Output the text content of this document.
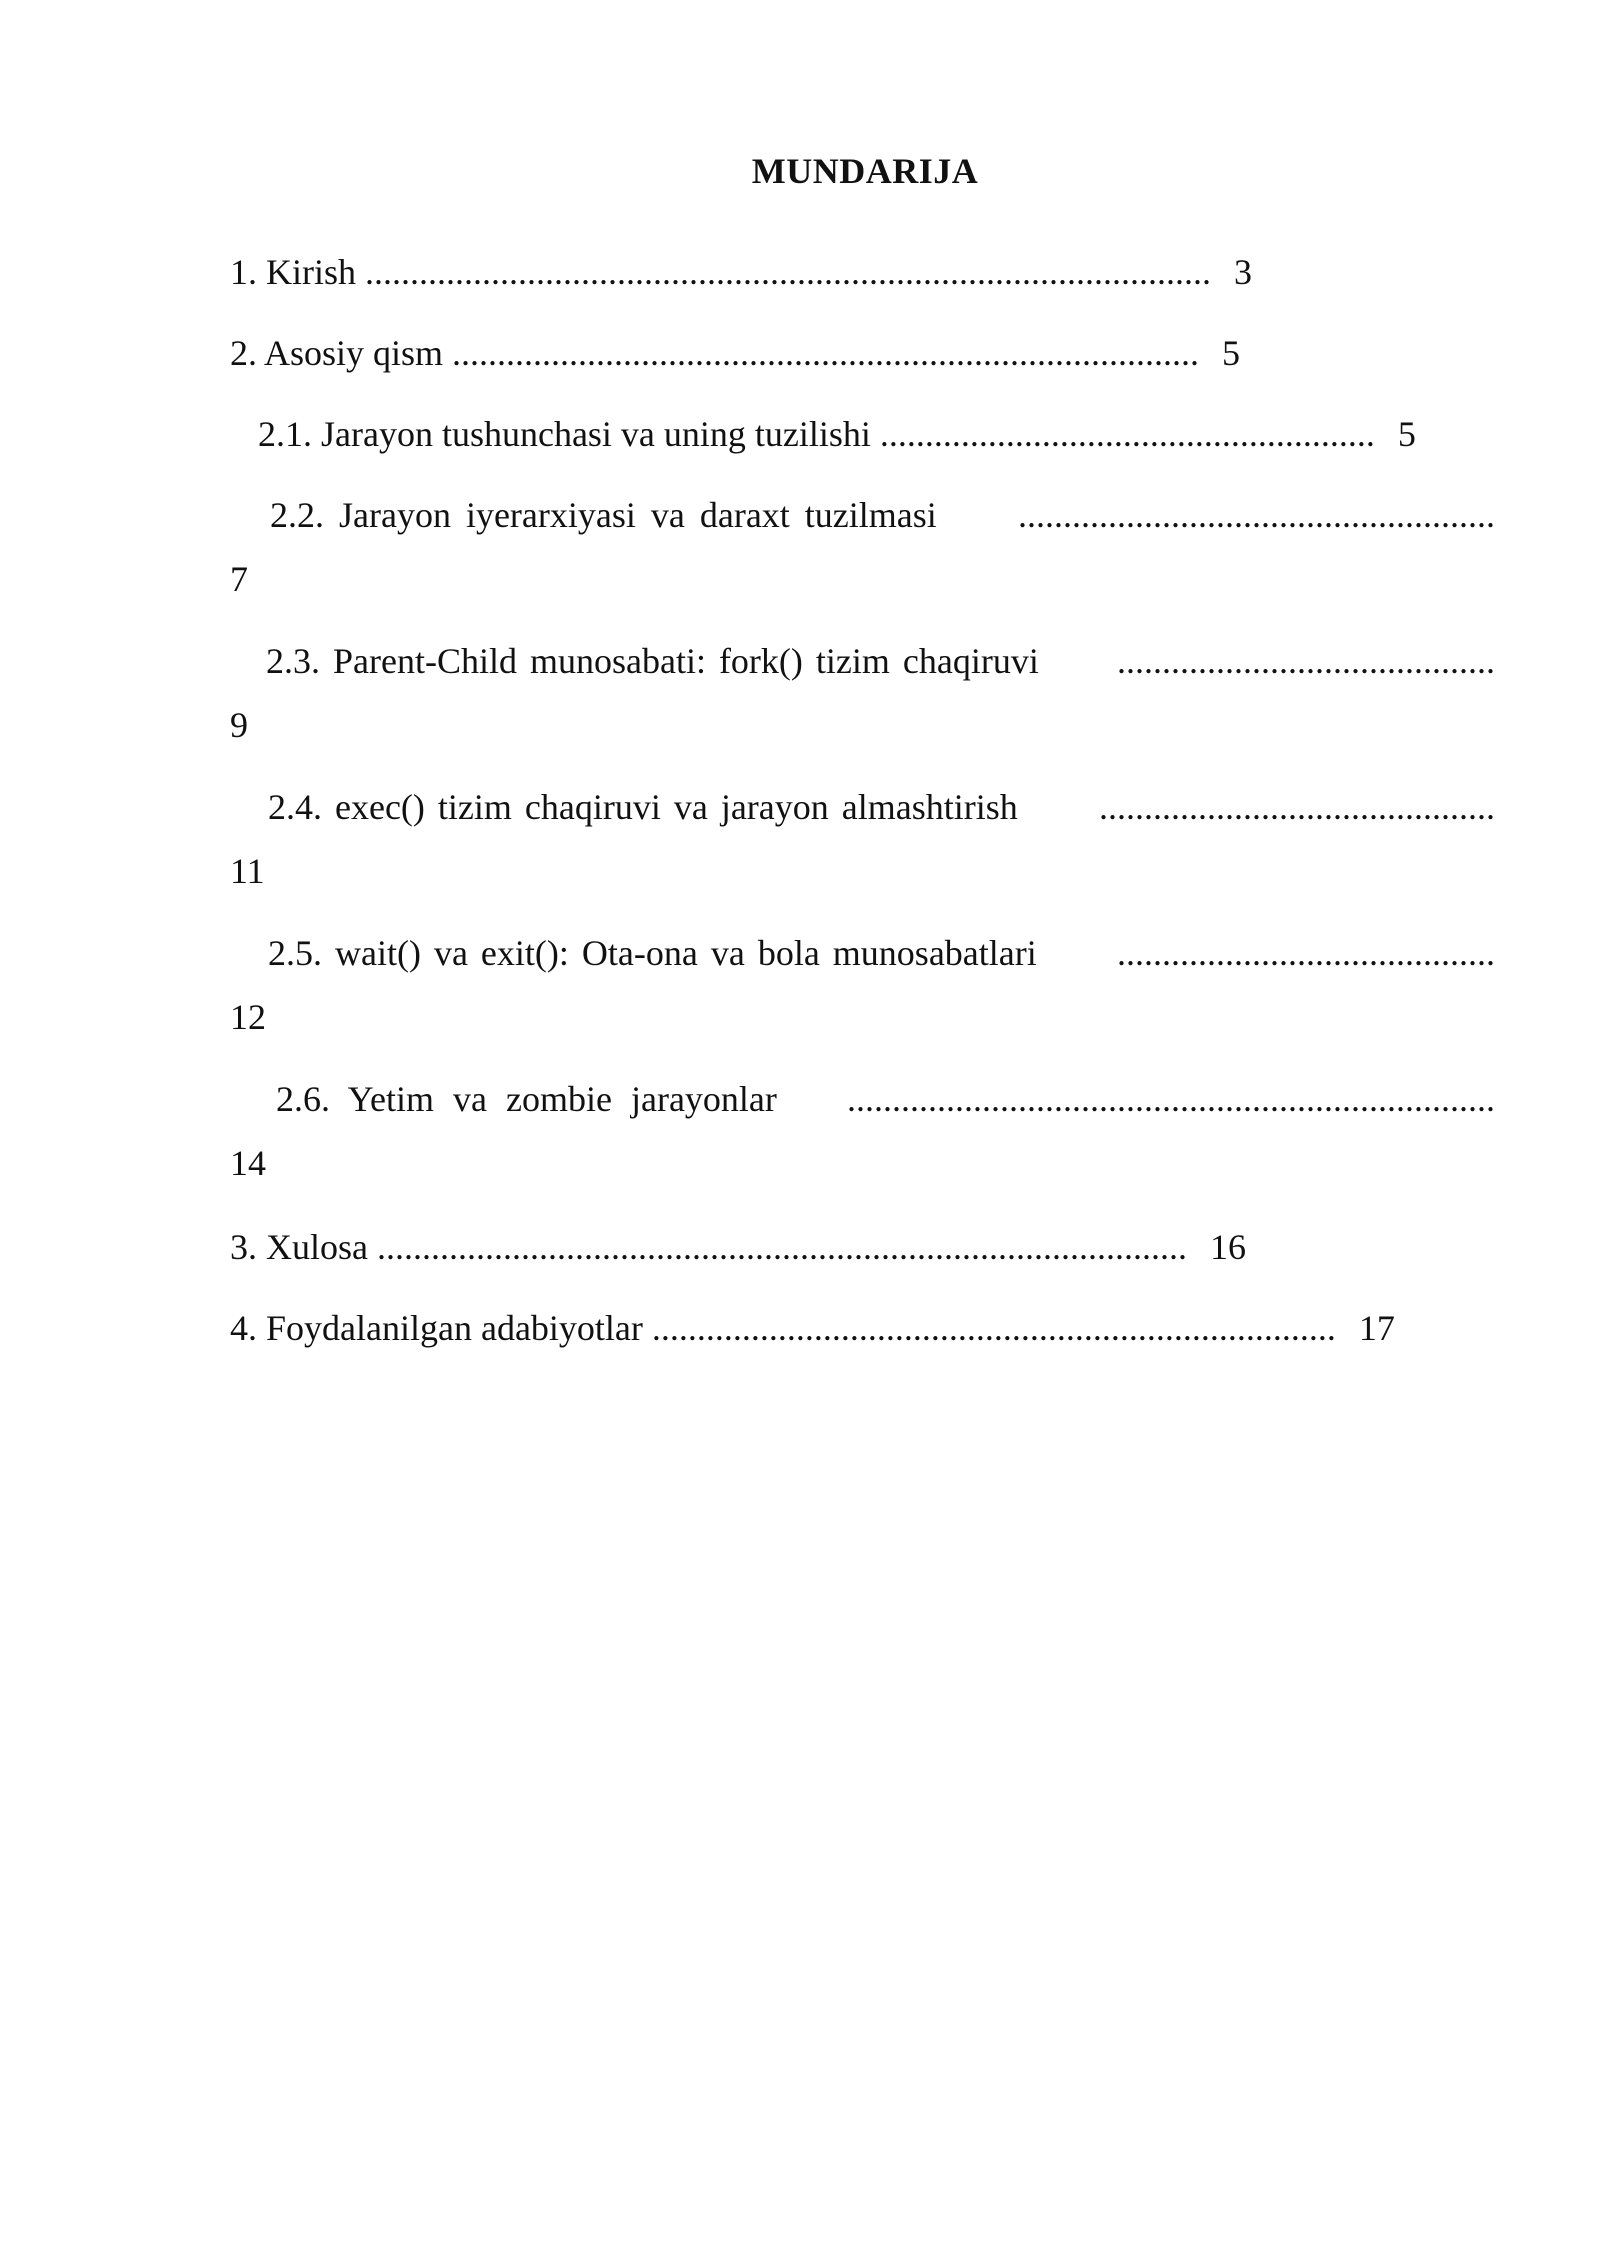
MUNDARIJA
1. Kirish .............................................................................................. 3
2. Asosiy qism ................................................................................... 5
2.1. Jarayon tushunchasi va uning tuzilishi ....................................................... 5
2.2. Jarayon iyerarxiyasi va daraxt tuzilmasi	.....................................................
7
2.3. Parent-Child munosabati: fork() tizim chaqiruvi	..........................................
9
2.4. exec() tizim chaqiruvi va jarayon almashtirish	............................................
11
2.5. wait() va exit(): Ota-ona va bola munosabatlari	..........................................
12
2.6. Yetim va zombie jarayonlar	........................................................................
14
3. Xulosa .......................................................................................... 16
4. Foydalanilgan adabiyotlar ............................................................................ 17
